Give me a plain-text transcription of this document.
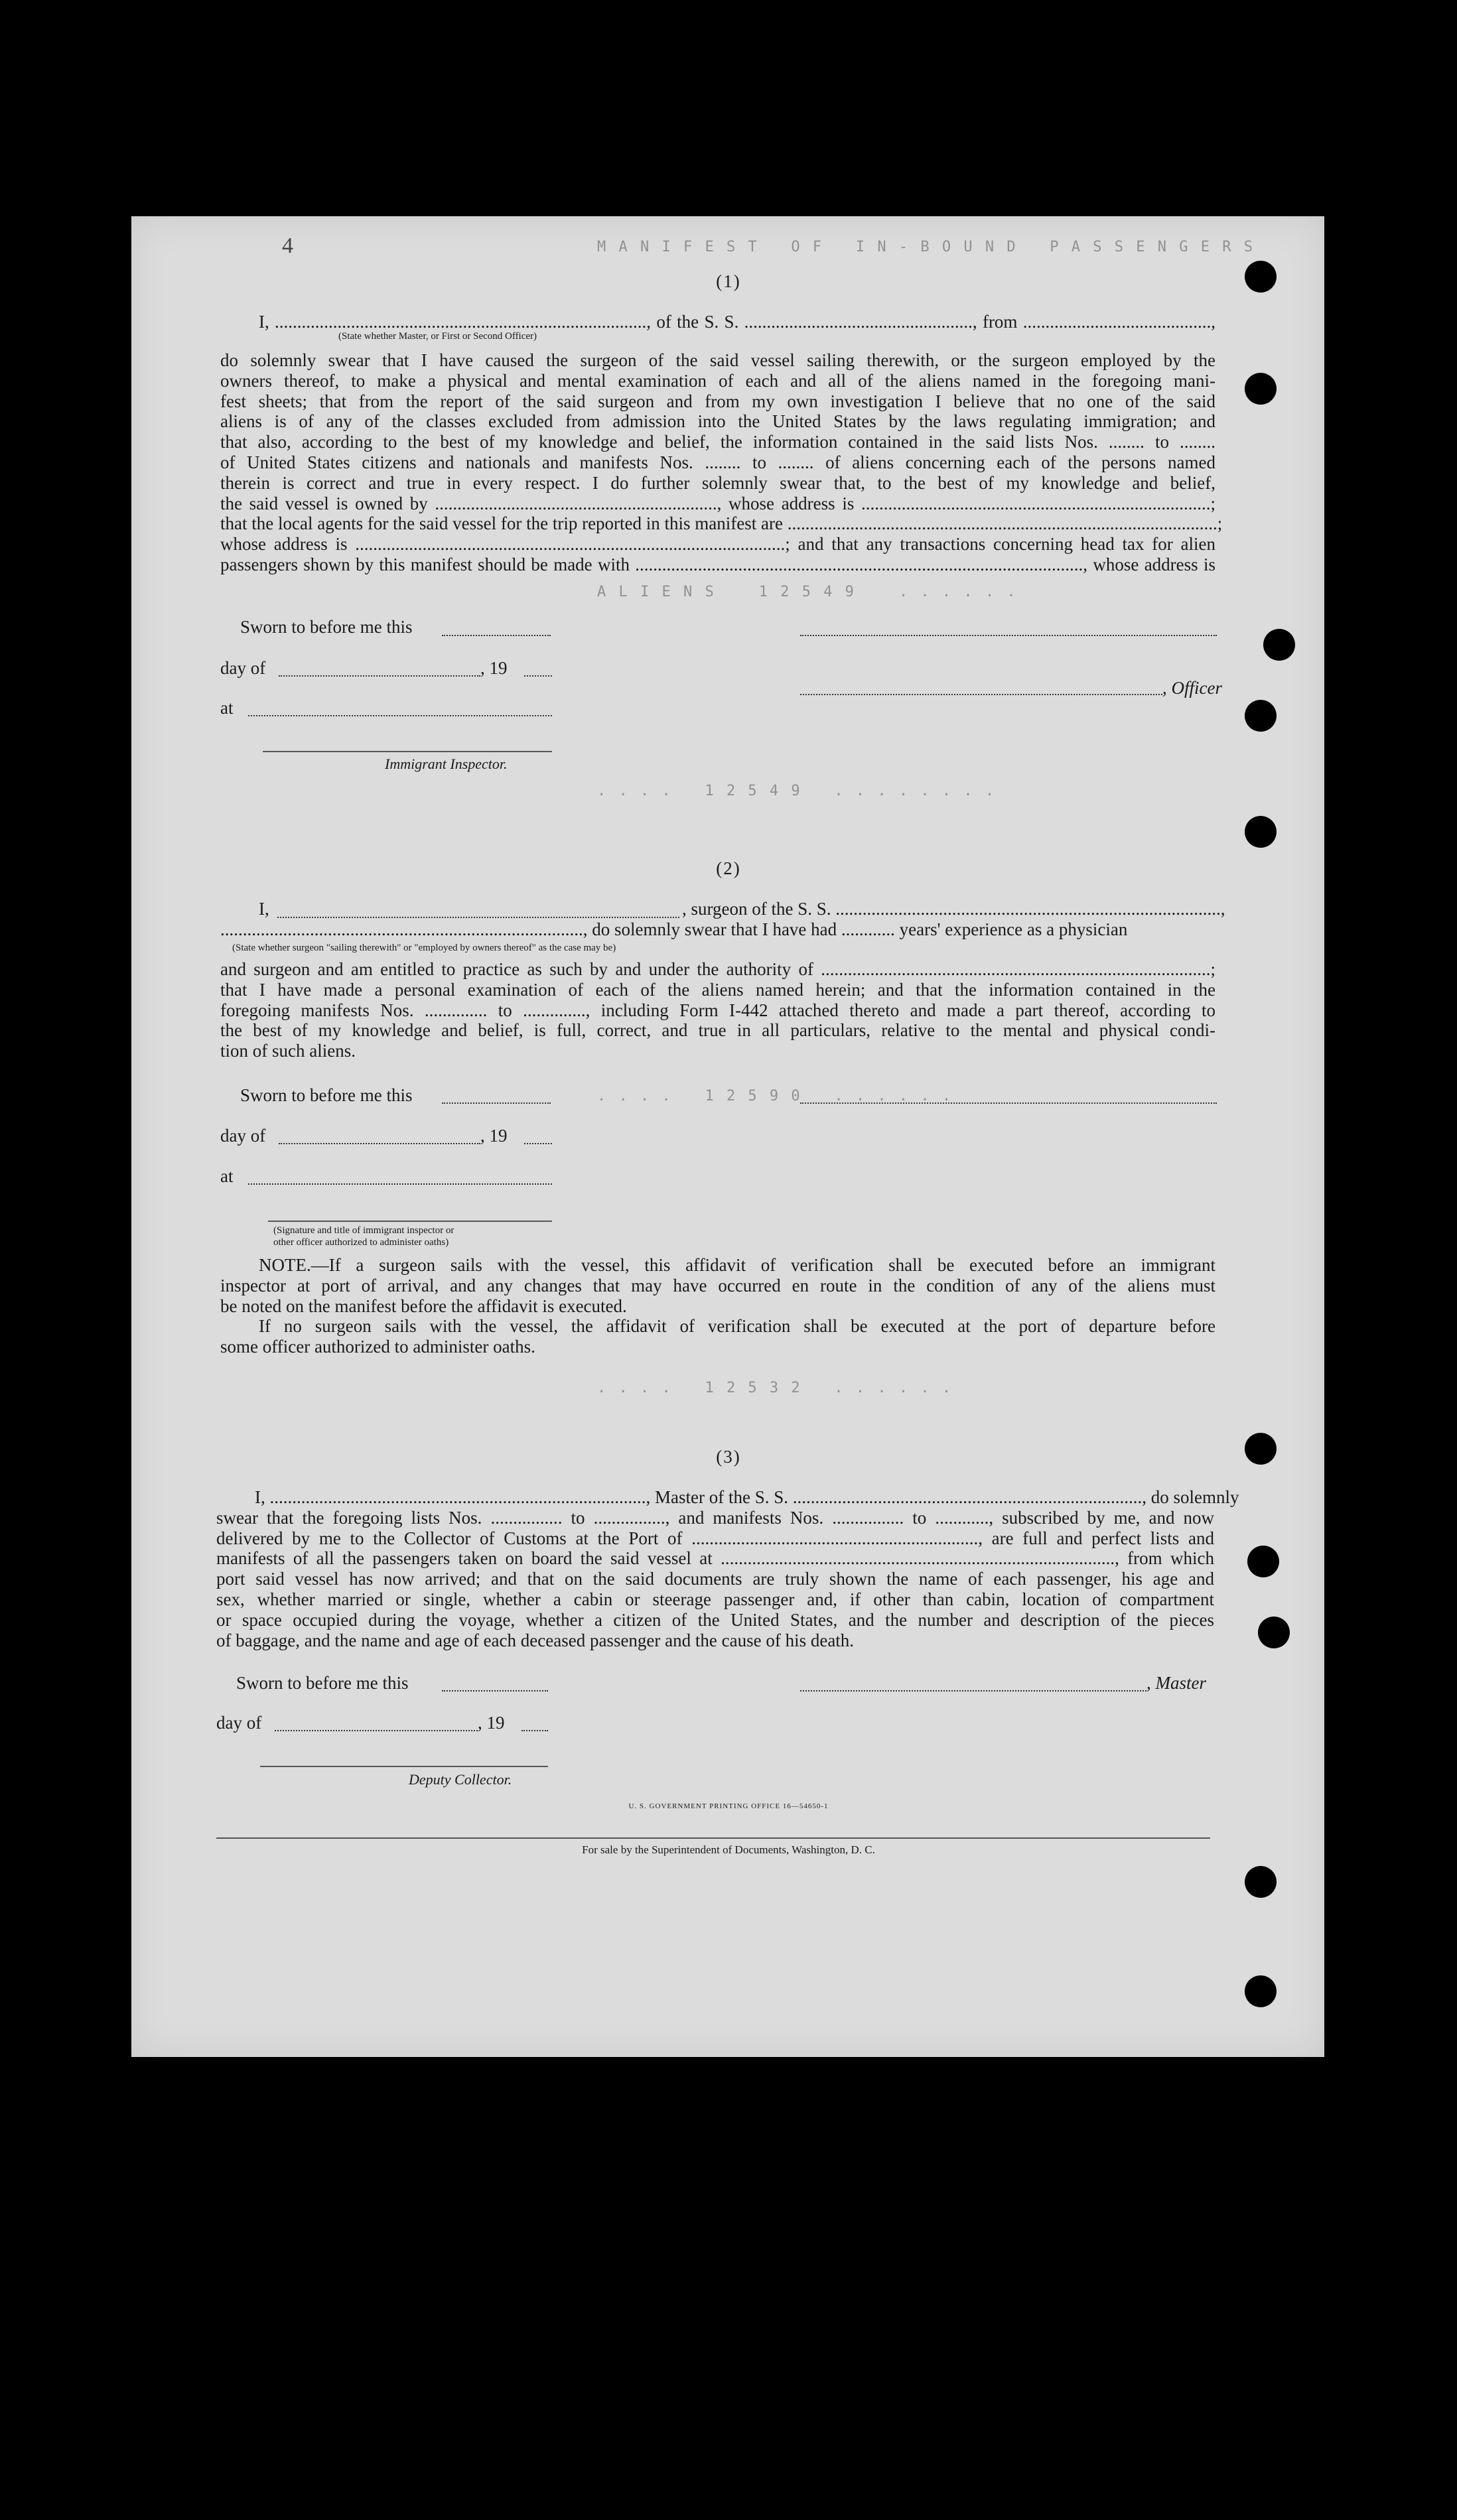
M A N I F E S T   O F   I N - B O U N D   P A S S E N G E R S
A L I E N S    1 2 5 4 9    . . . . . .
. . . .   1 2 5 4 9   . . . . . . . .
. . . .   1 2 5 9 0   . . . . . .
. . . .   1 2 5 3 2   . . . . . .
4
(1)
I, ..................................................................................., of the S. S. ..................................................., from ..........................................,
do solemnly swear that I have caused the surgeon of the said vessel sailing therewith, or the surgeon employed by the
owners thereof, to make a physical and mental examination of each and all of the aliens named in the foregoing mani-
fest sheets; that from the report of the said surgeon and from my own investigation I believe that no one of the said
aliens is of any of the classes excluded from admission into the United States by the laws regulating immigration; and
that also, according to the best of my knowledge and belief, the information contained in the said lists Nos. ........ to ........
of United States citizens and nationals and manifests Nos. ........ to ........ of aliens concerning each of the persons named
therein is correct and true in every respect. I do further solemnly swear that, to the best of my knowledge and belief,
the said vessel is owned by ..............................................................., whose address is ..............................................................................;
that the local agents for the said vessel for the trip reported in this manifest are ................................................................................................;
whose address is ................................................................................................; and that any transactions concerning head tax for alien
passengers shown by this manifest should be made with ...................................................................................................., whose address is
(State whether Master, or First or Second Officer)
Sworn to before me this
day of	, 19
, Officer
at
Immigrant Inspector.
(2)
I,	, surgeon of the S. S. ......................................................................................,
................................................................................., do solemnly swear that I have had ............ years' experience as a physician
(State whether surgeon "sailing therewith" or "employed by owners thereof" as the case may be)
and surgeon and am entitled to practice as such by and under the authority of .......................................................................................;
that I have made a personal examination of each of the aliens named herein; and that the information contained in the
foregoing manifests Nos. .............. to .............., including Form I-442 attached thereto and made a part thereof, according to
the best of my knowledge and belief, is full, correct, and true in all particulars, relative to the mental and physical condi-
tion of such aliens.
Sworn to before me this
day of	, 19
at
(Signature and title of immigrant inspector or
other officer authorized to administer oaths)
NOTE.—If a surgeon sails with the vessel, this affidavit of verification shall be executed before an immigrant
inspector at port of arrival, and any changes that may have occurred en route in the condition of any of the aliens must
be noted on the manifest before the affidavit is executed.
If no surgeon sails with the vessel, the affidavit of verification shall be executed at the port of departure before
some officer authorized to administer oaths.
(3)
I, ...................................................................................., Master of the S. S. .............................................................................., do solemnly
swear that the foregoing lists Nos. ................ to ................, and manifests Nos. ................ to ............, subscribed by me, and now
delivered by me to the Collector of Customs at the Port of ................................................................, are full and perfect lists and
manifests of all the passengers taken on board the said vessel at ........................................................................................, from which
port said vessel has now arrived; and that on the said documents are truly shown the name of each passenger, his age and
sex, whether married or single, whether a cabin or steerage passenger and, if other than cabin, location of compartment
or space occupied during the voyage, whether a citizen of the United States, and the number and description of the pieces
of baggage, and the name and age of each deceased passenger and the cause of his death.
Sworn to before me this	, Master
day of	, 19
Deputy Collector.
U. S. GOVERNMENT PRINTING OFFICE 16—54650-1
For sale by the Superintendent of Documents, Washington, D. C.
